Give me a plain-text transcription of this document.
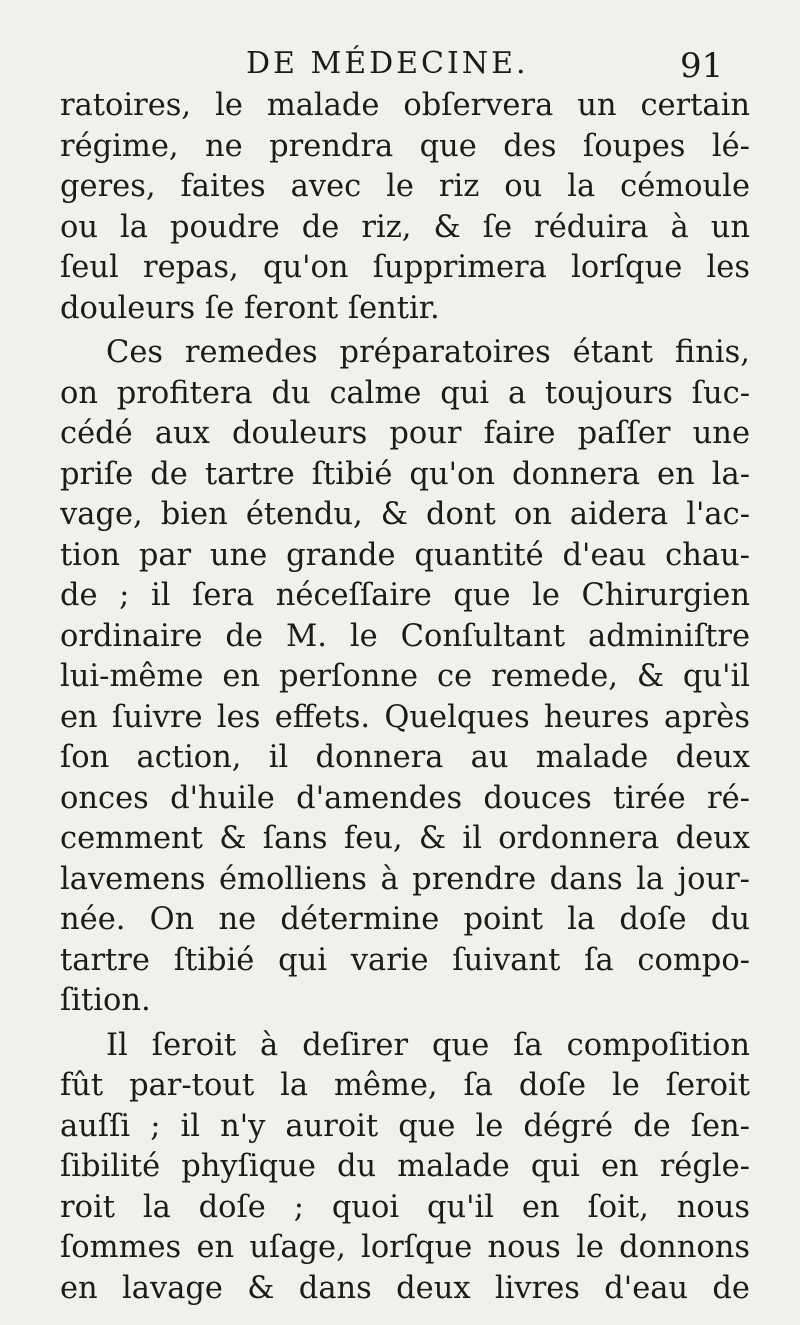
DE MÉDECINE.	91
ratoires, le malade obſervera un certain
régime, ne prendra que des ſoupes lé-
geres, faites avec le riz ou la cémoule
ou la poudre de riz, & ſe réduira à un
ſeul repas, qu'on ſupprimera lorſque les
douleurs ſe feront ſentir.
Ces remedes préparatoires étant finis,
on profitera du calme qui a toujours ſuc-
cédé aux douleurs pour faire paſſer une
priſe de tartre ſtibié qu'on donnera en la-
vage, bien étendu, & dont on aidera l'ac-
tion par une grande quantité d'eau chau-
de ; il ſera néceſſaire que le Chirurgien
ordinaire de M. le Conſultant adminiſtre
lui-même en perſonne ce remede, & qu'il
en ſuivre les effets. Quelques heures après
ſon action, il donnera au malade deux
onces d'huile d'amendes douces tirée ré-
cemment & ſans feu, & il ordonnera deux
lavemens émolliens à prendre dans la jour-
née. On ne détermine point la doſe du
tartre ſtibié qui varie ſuivant ſa compo-
ſition.
Il ſeroit à deſirer que ſa compoſition
fût par-tout la même, ſa doſe le ſeroit
auſſi ; il n'y auroit que le dégré de ſen-
ſibilité phyſique du malade qui en régle-
roit la doſe ; quoi qu'il en ſoit, nous
ſommes en uſage, lorſque nous le donnons
en lavage & dans deux livres d'eau de
